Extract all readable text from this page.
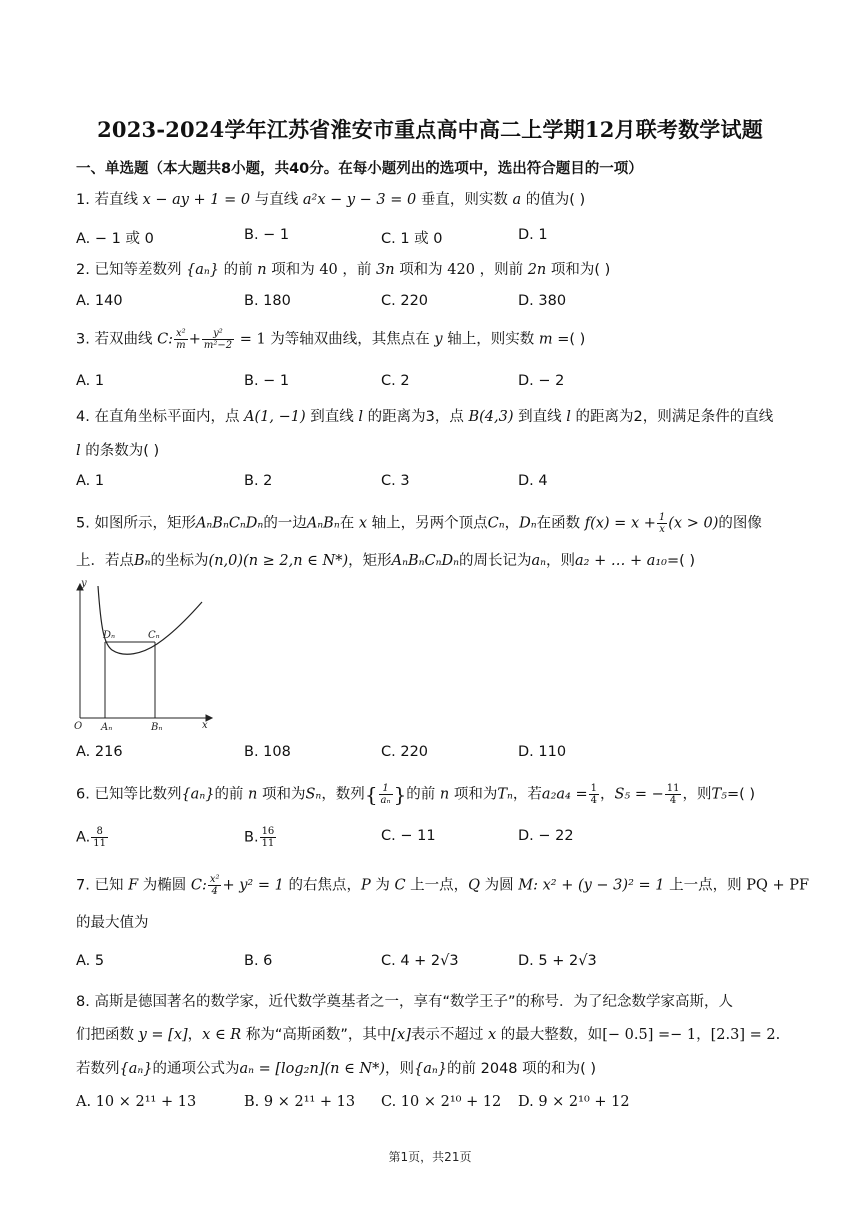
2023-2024学年江苏省淮安市重点高中高二上学期12月联考数学试题
一、单选题（本大题共8小题，共40分。在每小题列出的选项中，选出符合题目的一项）
1. 若直线 x − ay + 1 = 0 与直线 a²x − y − 3 = 0 垂直，则实数 a 的值为( )
A. − 1 或 0	B. − 1	C. 1 或 0	D. 1
2. 已知等差数列 {aₙ} 的前 n 项和为 40 ，前 3n 项和为 420 ，则前 2n 项和为( )
A. 140	B. 180	C. 220	D. 380
3. 若双曲线 C: $\frac{\text{x²}}{m} + \frac{\text{y²}}{\text{m²−2}} = 1$ 为等轴双曲线，其焦点在 y 轴上，则实数 m =( )
A. 1	B. − 1	C. 2	D. − 2
4. 在直角坐标平面内，点 A(1, −1) 到直线 l 的距离为3，点 B(4,3) 到直线 l 的距离为2，则满足条件的直线
l 的条数为( )
A. 1	B. 2	C. 3	D. 4
5. 如图所示，矩形AₙBₙCₙDₙ的一边AₙBₙ在 x 轴上，另两个顶点Cₙ，Dₙ在函数 $f(x) = x + \frac{1}{x} (x > 0)$的图像
上．若点Bₙ的坐标为(n,0)(n ≥ 2,n ∈ N*)，矩形AₙBₙCₙDₙ的周长记为aₙ，则a₂ + … + a₁₀=( )
y
x
O
Dₙ	Cₙ
Aₙ	Bₙ
A. 216	B. 108	C. 220	D. 110
6. 已知等比数列{aₙ}的前 n 项和为Sₙ，数列{ $\frac{1}{\text{aₙ}}$ }的前 n 项和为Tₙ，若$a_2a_4 = \frac{1}{4}$ ，S₅ = − $\frac{11}{4}$ ，则T₅=( )
A. $\frac{8}{11}$	B. $\frac{16}{11}$	C. − 11	D. − 22
7. 已知 F 为椭圆 C: $\frac{\text{x²}}{4} + y^2 = 1$ 的右焦点，P 为 C 上一点，Q 为圆 M: x² + (y − 3)² = 1 上一点，则 PQ + PF
的最大值为
A. 5	B. 6	C. 4 + 2√3	D. 5 + 2√3
8. 高斯是德国著名的数学家，近代数学奠基者之一，享有“数学王子”的称号．为了纪念数学家高斯，人
们把函数 y = [x]，x ∈ R 称为“高斯函数”，其中[x]表示不超过 x 的最大整数，如[− 0.5] =− 1，[2.3] = 2.
若数列{aₙ}的通项公式为aₙ = [log₂n](n ∈ N*)，则{aₙ}的前 2048 项的和为( )
A. 10 × 2¹¹ + 13	B. 9 × 2¹¹ + 13 C. 10 × 2¹⁰ + 12 D. 9 × 2¹⁰ + 12
第1页，共21页
